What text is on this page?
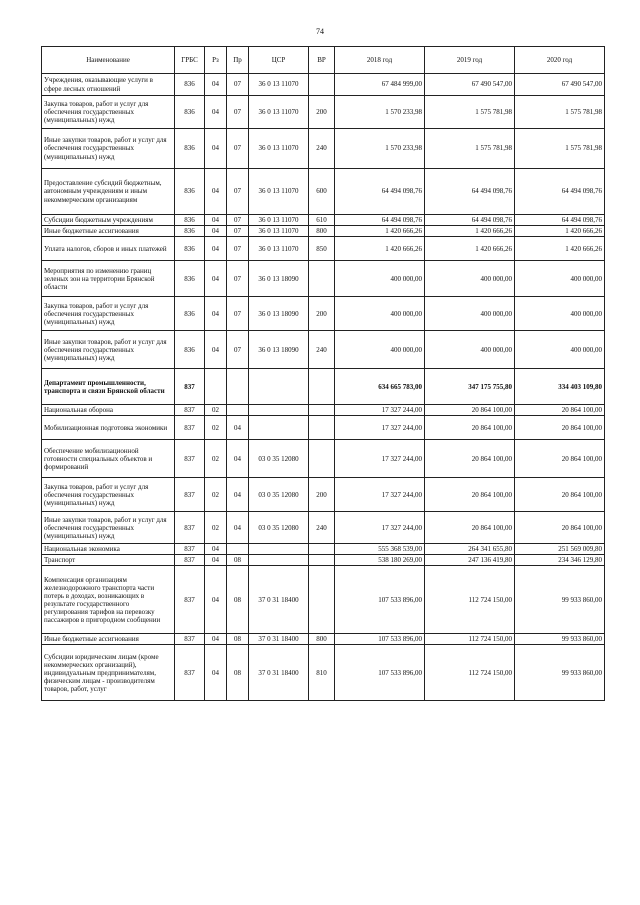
74
Наименование	ГРБС	Рз	Пр	ЦСР	ВР	2018 год	2019 год	2020 год
Учреждения, оказывающие услуги в сфере лесных отношений	836	04	07	36 0 13 11070		67 484 999,00	67 490 547,00	67 490 547,00
Закупка товаров, работ и услуг для обеспечения государственных (муниципальных) нужд	836	04	07	36 0 13 11070	200	1 570 233,98	1 575 781,98	1 575 781,98
Иные закупки товаров, работ и услуг для обеспечения государственных (муниципальных) нужд	836	04	07	36 0 13 11070	240	1 570 233,98	1 575 781,98	1 575 781,98
Предоставление субсидий бюджетным, автономным учреждениям и иным некоммерческим организациям	836	04	07	36 0 13 11070	600	64 494 098,76	64 494 098,76	64 494 098,76
Субсидии бюджетным учреждениям	836	04	07	36 0 13 11070	610	64 494 098,76	64 494 098,76	64 494 098,76
Иные бюджетные ассигнования	836	04	07	36 0 13 11070	800	1 420 666,26	1 420 666,26	1 420 666,26
Уплата налогов, сборов и иных платежей	836	04	07	36 0 13 11070	850	1 420 666,26	1 420 666,26	1 420 666,26
Мероприятия по изменению границ зеленых зон на территории Брянской области	836	04	07	36 0 13 18090		400 000,00	400 000,00	400 000,00
Закупка товаров, работ и услуг для обеспечения государственных (муниципальных) нужд	836	04	07	36 0 13 18090	200	400 000,00	400 000,00	400 000,00
Иные закупки товаров, работ и услуг для обеспечения государственных (муниципальных) нужд	836	04	07	36 0 13 18090	240	400 000,00	400 000,00	400 000,00
Департамент промышленности, транспорта и связи Брянской области	837					634 665 783,00	347 175 755,80	334 403 109,80
Национальная оборона	837	02				17 327 244,00	20 864 100,00	20 864 100,00
Мобилизационная подготовка экономики	837	02	04			17 327 244,00	20 864 100,00	20 864 100,00
Обеспечение мобилизационной готовности специальных объектов и формирований	837	02	04	03 0 35 12080		17 327 244,00	20 864 100,00	20 864 100,00
Закупка товаров, работ и услуг для обеспечения государственных (муниципальных) нужд	837	02	04	03 0 35 12080	200	17 327 244,00	20 864 100,00	20 864 100,00
Иные закупки товаров, работ и услуг для обеспечения государственных (муниципальных) нужд	837	02	04	03 0 35 12080	240	17 327 244,00	20 864 100,00	20 864 100,00
Национальная экономика	837	04				555 368 539,00	264 341 655,80	251 569 009,80
Транспорт	837	04	08			538 180 269,00	247 136 419,80	234 346 129,80
Компенсация организациям железнодорожного транспорта части потерь в доходах, возникающих в результате государственного регулирования тарифов на перевозку пассажиров в пригородном сообщении	837	04	08	37 0 31 18400		107 533 896,00	112 724 150,00	99 933 860,00
Иные бюджетные ассигнования	837	04	08	37 0 31 18400	800	107 533 896,00	112 724 150,00	99 933 860,00
Субсидии юридическим лицам (кроме некоммерческих организаций), индивидуальным предпринимателям, физическим лицам - производителям товаров, работ, услуг	837	04	08	37 0 31 18400	810	107 533 896,00	112 724 150,00	99 933 860,00
